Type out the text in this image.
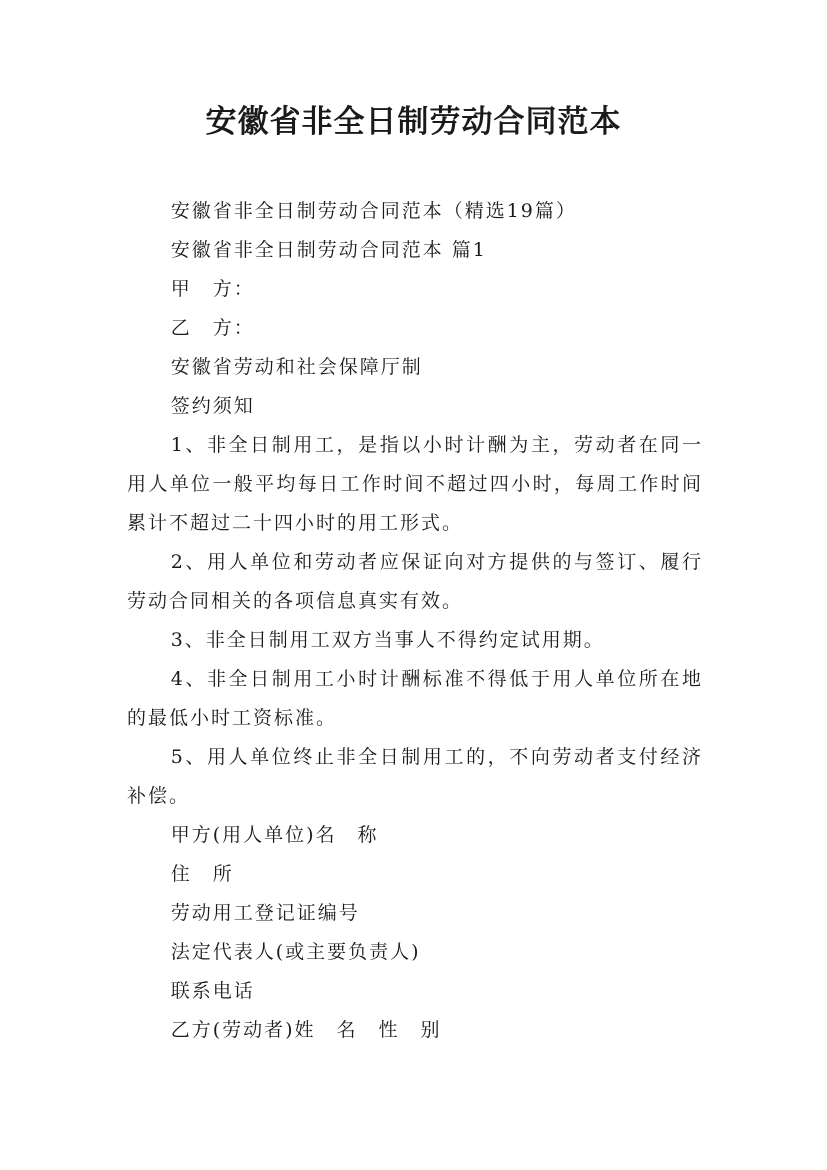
安徽省非全日制劳动合同范本

安徽省非全日制劳动合同范本（精选19篇）

安徽省非全日制劳动合同范本 篇1

甲　方：

乙　方：

安徽省劳动和社会保障厅制

签约须知

1、非全日制用工，是指以小时计酬为主，劳动者在同一用人单位一般平均每日工作时间不超过四小时，每周工作时间累计不超过二十四小时的用工形式。

2、用人单位和劳动者应保证向对方提供的与签订、履行劳动合同相关的各项信息真实有效。

3、非全日制用工双方当事人不得约定试用期。

4、非全日制用工小时计酬标准不得低于用人单位所在地的最低小时工资标准。

5、用人单位终止非全日制用工的，不向劳动者支付经济补偿。

甲方(用人单位)名　称

住　所

劳动用工登记证编号

法定代表人(或主要负责人)

联系电话

乙方(劳动者)姓　名　性　别
